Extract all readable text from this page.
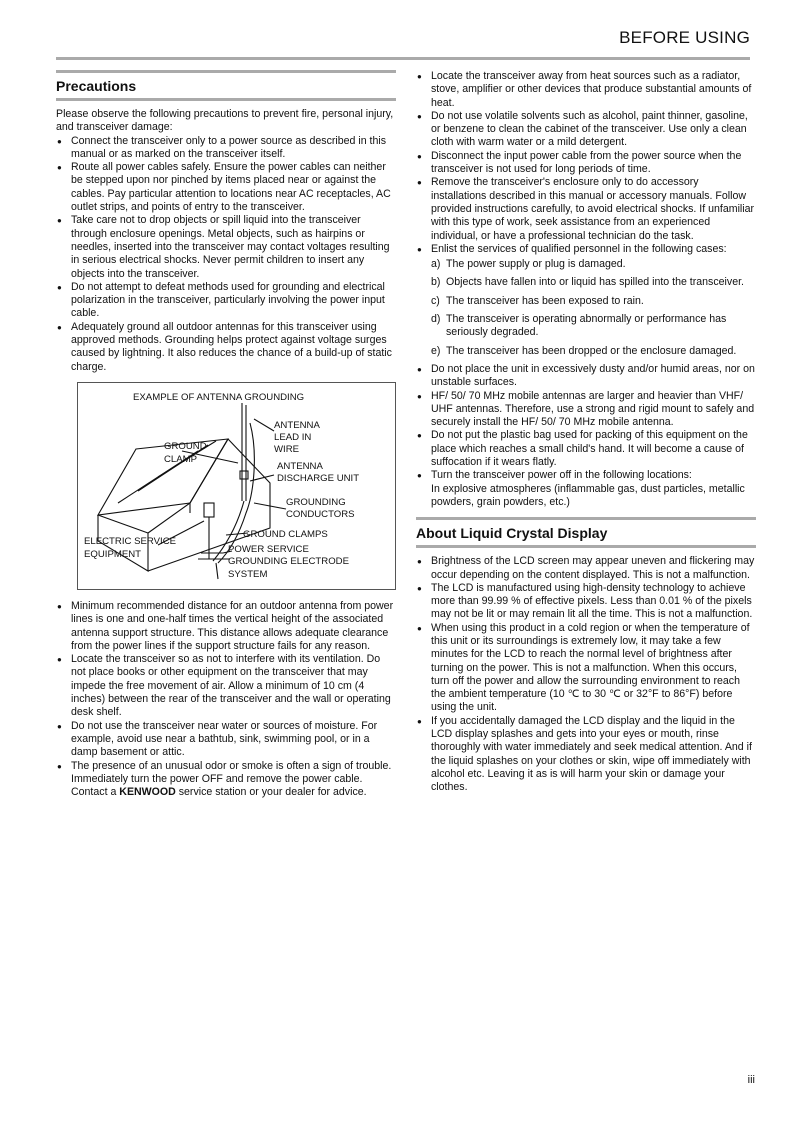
BEFORE USING
Precautions

Please observe the following precautions to prevent fire, personal injury, and transceiver damage:

● Connect the transceiver only to a power source as described in this manual or as marked on the transceiver itself.
● Route all power cables safely. Ensure the power cables can neither be stepped upon nor pinched by items placed near or against the cables. Pay particular attention to locations near AC receptacles, AC outlet strips, and points of entry to the transceiver.
● Take care not to drop objects or spill liquid into the transceiver through enclosure openings. Metal objects, such as hairpins or needles, inserted into the transceiver may contact voltages resulting in serious electrical shocks. Never permit children to insert any objects into the transceiver.
● Do not attempt to defeat methods used for grounding and electrical polarization in the transceiver, particularly involving the power input cable.
● Adequately ground all outdoor antennas for this transceiver using approved methods. Grounding helps protect against voltage surges caused by lightning. It also reduces the chance of a build-up of static charge.
EXAMPLE OF ANTENNA GROUNDING
ANTENNA
LEAD IN
WIRE
GROUND
CLAMP
ANTENNA
DISCHARGE UNIT
GROUNDING
CONDUCTORS
GROUND CLAMPS
ELECTRIC SERVICE
EQUIPMENT	POWER SERVICE
GROUNDING ELECTRODE
SYSTEM
● Minimum recommended distance for an outdoor antenna from power lines is one and one-half times the vertical height of the associated antenna support structure. This distance allows adequate clearance from the power lines if the support structure fails for any reason.
● Locate the transceiver so as not to interfere with its ventilation. Do not place books or other equipment on the transceiver that may impede the free movement of air. Allow a minimum of 10 cm (4 inches) between the rear of the transceiver and the wall or operating desk shelf.
● Do not use the transceiver near water or sources of moisture. For example, avoid use near a bathtub, sink, swimming pool, or in a damp basement or attic.
● The presence of an unusual odor or smoke is often a sign of trouble. Immediately turn the power OFF and remove the power cable. Contact a KENWOOD service station or your dealer for advice.
● Locate the transceiver away from heat sources such as a radiator, stove, amplifier or other devices that produce substantial amounts of heat.
● Do not use volatile solvents such as alcohol, paint thinner, gasoline, or benzene to clean the cabinet of the transceiver. Use only a clean cloth with warm water or a mild detergent.
● Disconnect the input power cable from the power source when the transceiver is not used for long periods of time.
● Remove the transceiver's enclosure only to do accessory installations described in this manual or accessory manuals. Follow provided instructions carefully, to avoid electrical shocks. If unfamiliar with this type of work, seek assistance from an experienced individual, or have a professional technician do the task.
● Enlist the services of qualified personnel in the following cases:
a) The power supply or plug is damaged.
b) Objects have fallen into or liquid has spilled into the transceiver.
c) The transceiver has been exposed to rain.
d) The transceiver is operating abnormally or performance has seriously degraded.
e) The transceiver has been dropped or the enclosure damaged.
● Do not place the unit in excessively dusty and/or humid areas, nor on unstable surfaces.
● HF/ 50/ 70 MHz mobile antennas are larger and heavier than VHF/ UHF antennas. Therefore, use a strong and rigid mount to safely and securely install the HF/ 50/ 70 MHz mobile antenna.
● Do not put the plastic bag used for packing of this equipment on the place which reaches a small child's hand. It will become a cause of suffocation if it wears flatly.
● Turn the transceiver power off in the following locations:
In explosive atmospheres (inflammable gas, dust particles, metallic powders, grain powders, etc.)
About Liquid Crystal Display
● Brightness of the LCD screen may appear uneven and flickering may occur depending on the content displayed. This is not a malfunction.
● The LCD is manufactured using high-density technology to achieve more than 99.99 % of effective pixels. Less than 0.01 % of the pixels may not be lit or may remain lit all the time. This is not a malfunction.
● When using this product in a cold region or when the temperature of this unit or its surroundings is extremely low, it may take a few minutes for the LCD to reach the normal level of brightness after turning on the power. This is not a malfunction. When this occurs, turn off the power and allow the surrounding environment to reach the ambient temperature (10 ℃ to 30 ℃ or 32°F to 86°F) before using the unit.
● If you accidentally damaged the LCD display and the liquid in the LCD display splashes and gets into your eyes or mouth, rinse thoroughly with water immediately and seek medical attention. And if the liquid splashes on your clothes or skin, wipe off immediately with alcohol etc. Leaving it as is will harm your skin or damage your clothes.
iii
